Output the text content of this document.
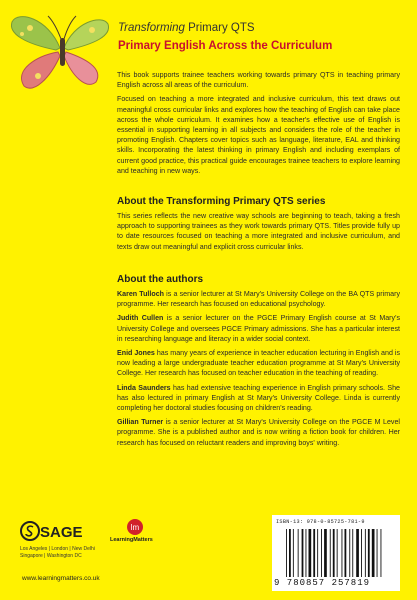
Transforming Primary QTS
Primary English Across the Curriculum

This book supports trainee teachers working towards primary QTS in teaching primary English across all areas of the curriculum.

Focused on teaching a more integrated and inclusive curriculum, this text draws out meaningful cross curricular links and explores how the teaching of English can take place across the whole curriculum. It examines how a teacher's effective use of English is essential in supporting learning in all subjects and considers the role of the teacher in promoting English. Chapters cover topics such as language, literature, EAL and thinking skills. Incorporating the latest thinking in primary English and including exemplars of current good practice, this practical guide encourages trainee teachers to explore learning and teaching in new ways.

About the Transforming Primary QTS series
This series reflects the new creative way schools are beginning to teach, taking a fresh approach to supporting trainees as they work towards primary QTS. Titles provide fully up to date resources focused on teaching a more integrated and inclusive curriculum, and texts draw out meaningful and explicit cross curricular links.
About the authors

Karen Tulloch is a senior lecturer at St Mary's University College on the BA QTS primary programme. Her research has focused on educational psychology.

Judith Cullen is a senior lecturer on the PGCE Primary English course at St Mary's University College and oversees PGCE Primary admissions. She has a particular interest in researching language and literacy in a wider social context.

Enid Jones has many years of experience in teacher education lecturing in English and is now leading a large undergraduate teacher education programme at St Mary's University College. Her research has focused on teacher education in the teaching of reading.

Linda Saunders has had extensive teaching experience in English primary schools. She has also lectured in primary English at St Mary's University College. Linda is currently completing her doctoral studies focusing on children's reading.

Gillian Turner is a senior lecturer at St Mary's University College on the PGCE M Level programme. She is a published author and is now writing a fiction book for children. Her research has focused on reluctant readers and improving boys' writing.

SAGE
Los Angeles | London | New Delhi Singapore | Washington DC
lm
LearningMatters
www.learningmatters.co.uk
ISBN-13: 978-0-85725-781-9
9 780857 257819
